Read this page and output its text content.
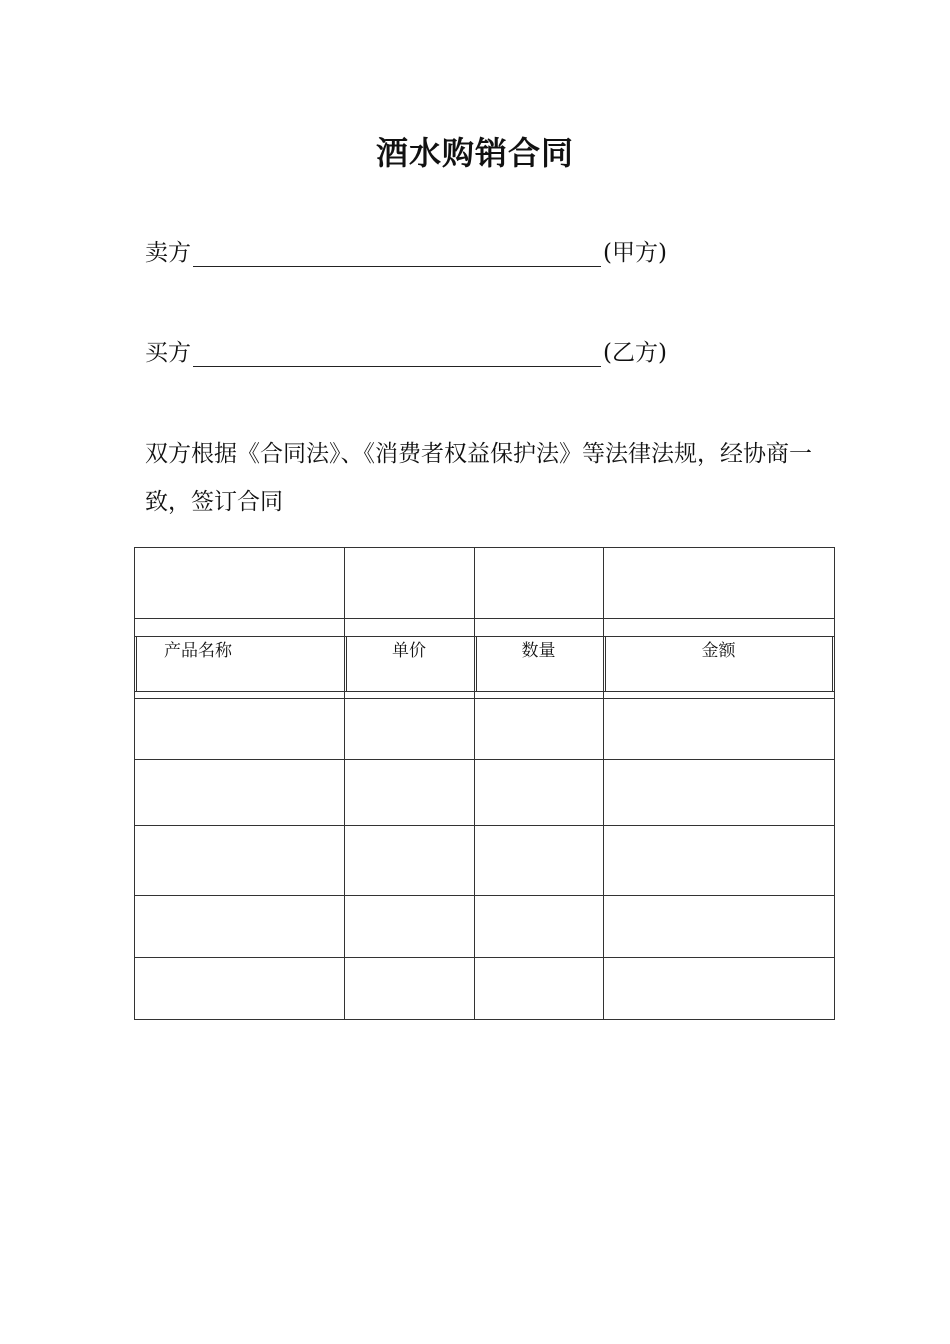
酒水购销合同
卖方	(甲方)
买方	(乙方)
双方根据《合同法》、《消费者权益保护法》等法律法规，经协商一致，签订合同
产品名称	单价	数量	金额
